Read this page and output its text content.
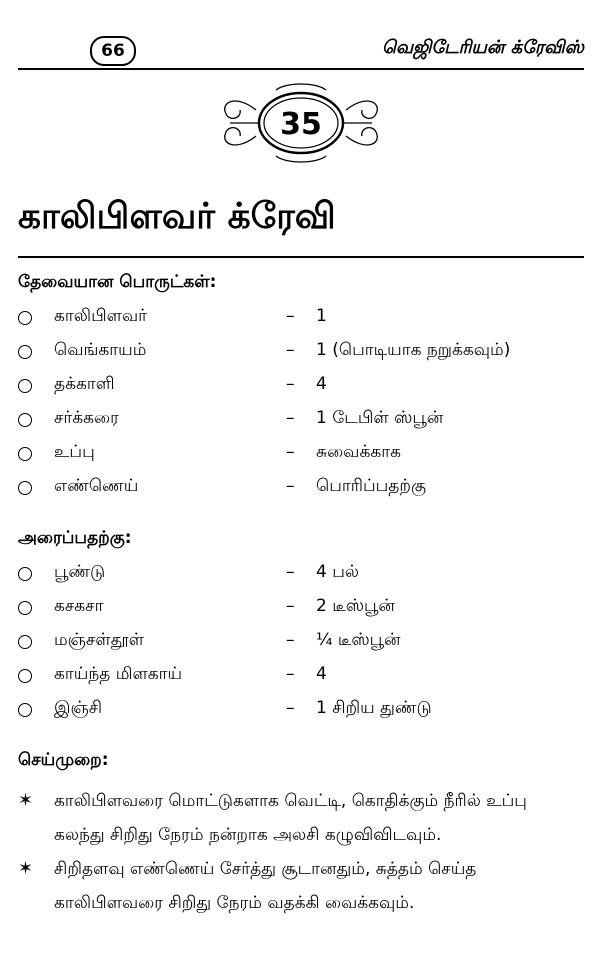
66	வெஜிடேரியன் க்ரேவிஸ்
35
காலிபிளவர் க்ரேவி
தேவையான பொருட்கள்:
காலிபிளவர்	– 1
வெங்காயம்	– 1 (பொடியாக நறுக்கவும்)
தக்காளி	– 4
சர்க்கரை	– 1 டேபிள் ஸ்பூன்
உப்பு	– சுவைக்காக
எண்ணெய்	– பொரிப்பதற்கு
அரைப்பதற்கு:
பூண்டு	– 4 பல்
கசகசா	– 2 டீஸ்பூன்
மஞ்சள்தூள்	– ¼ டீஸ்பூன்
காய்ந்த மிளகாய்	– 4
இஞ்சி	– 1 சிறிய துண்டு
செய்முறை:
✶ காலிபிளவரை மொட்டுகளாக வெட்டி, கொதிக்கும் நீரில் உப்பு
கலந்து சிறிது நேரம் நன்றாக அலசி கழுவிவிடவும்.
✶ சிறிதளவு எண்ணெய் சேர்த்து சூடானதும், சுத்தம் செய்த
காலிபிளவரை சிறிது நேரம் வதக்கி வைக்கவும்.
